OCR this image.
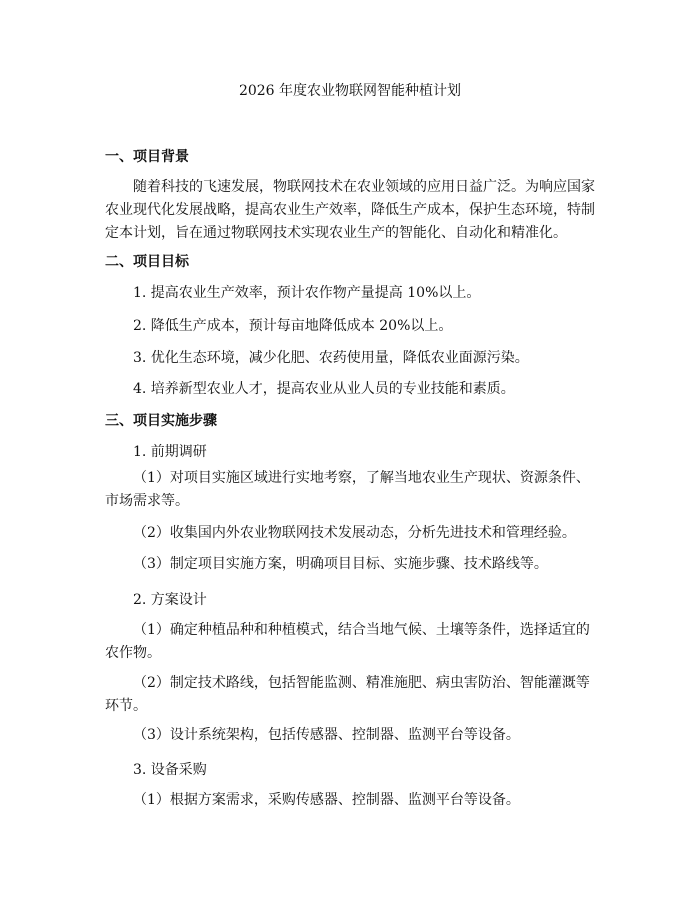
2026 年度农业物联网智能种植计划
一、项目背景
随着科技的飞速发展，物联网技术在农业领域的应用日益广泛。为响应国家农业现代化发展战略，提高农业生产效率，降低生产成本，保护生态环境，特制定本计划，旨在通过物联网技术实现农业生产的智能化、自动化和精准化。
二、项目目标
1. 提高农业生产效率，预计农作物产量提高 10%以上。
2. 降低生产成本，预计每亩地降低成本 20%以上。
3. 优化生态环境，减少化肥、农药使用量，降低农业面源污染。
4. 培养新型农业人才，提高农业从业人员的专业技能和素质。
三、项目实施步骤
1. 前期调研
（1）对项目实施区域进行实地考察，了解当地农业生产现状、资源条件、市场需求等。
（2）收集国内外农业物联网技术发展动态，分析先进技术和管理经验。
（3）制定项目实施方案，明确项目目标、实施步骤、技术路线等。
2. 方案设计
（1）确定种植品种和种植模式，结合当地气候、土壤等条件，选择适宜的农作物。
（2）制定技术路线，包括智能监测、精准施肥、病虫害防治、智能灌溉等环节。
（3）设计系统架构，包括传感器、控制器、监测平台等设备。
3. 设备采购
（1）根据方案需求，采购传感器、控制器、监测平台等设备。
